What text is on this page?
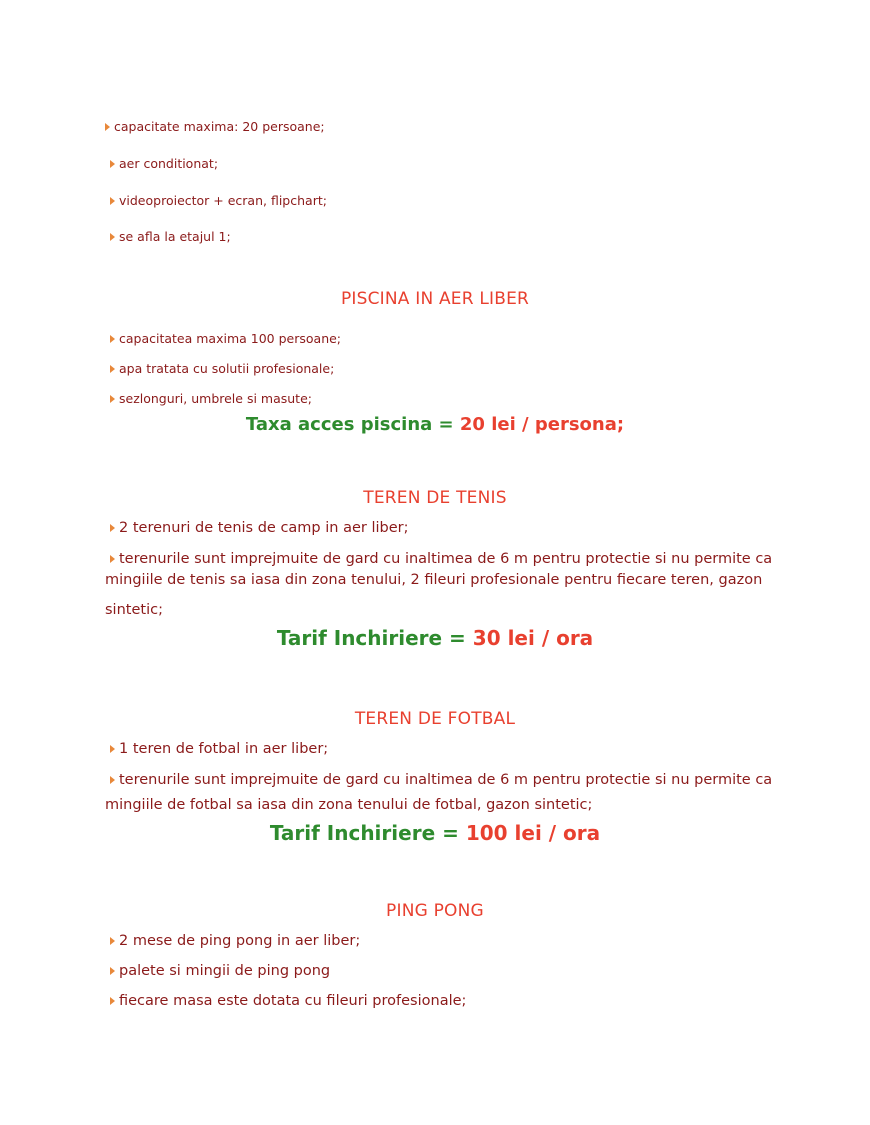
capacitate maxima: 20 persoane;
aer conditionat;
videoproiector + ecran, flipchart;
se afla la etajul 1;
PISCINA IN AER LIBER
capacitatea maxima 100 persoane;
apa tratata cu solutii profesionale;
sezlonguri, umbrele si masute;
Taxa acces piscina = 20 lei / persona;
TEREN DE TENIS
2 terenuri de tenis de camp in aer liber;
terenurile sunt imprejmuite de gard cu inaltimea de 6 m pentru protectie si nu permite ca
mingiile de tenis sa iasa din zona tenului, 2 fileuri profesionale pentru fiecare teren, gazon
sintetic;
Tarif Inchiriere = 30 lei / ora
TEREN DE FOTBAL
1 teren de fotbal in aer liber;
terenurile sunt imprejmuite de gard cu inaltimea de 6 m pentru protectie si nu permite ca
mingiile de fotbal sa iasa din zona tenului de fotbal, gazon sintetic;
Tarif Inchiriere = 100 lei / ora
PING PONG
2 mese de ping pong in aer liber;
palete si mingii de ping pong
fiecare masa este dotata cu fileuri profesionale;
